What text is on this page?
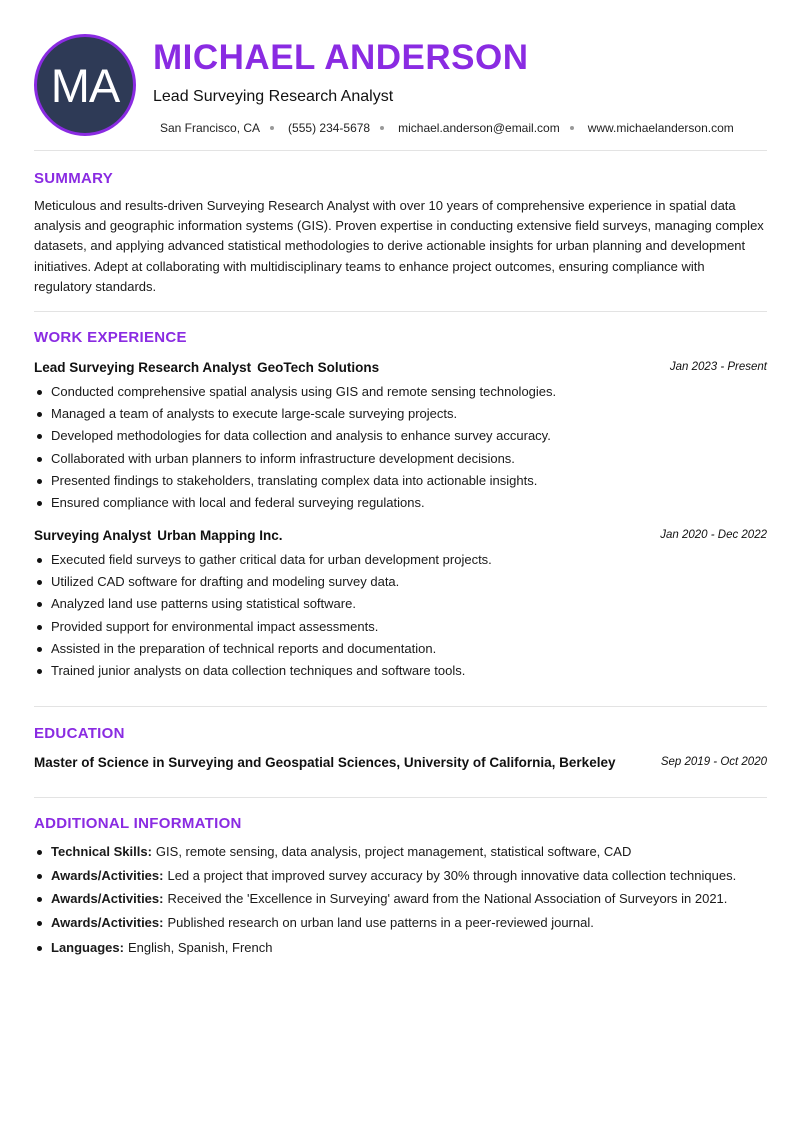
MA
MICHAEL ANDERSON
Lead Surveying Research Analyst
San Francisco, CA (555) 234-5678 michael.anderson@email.com www.michaelanderson.com
SUMMARY

Meticulous and results-driven Surveying Research Analyst with over 10 years of comprehensive experience in spatial data analysis and geographic information systems (GIS). Proven expertise in conducting extensive field surveys, managing complex datasets, and applying advanced statistical methodologies to derive actionable insights for urban planning and development initiatives. Adept at collaborating with multidisciplinary teams to enhance project outcomes, ensuring compliance with regulatory standards.

WORK EXPERIENCE
Lead Surveying Research Analyst GeoTech Solutions	Jan 2023 - Present
Conducted comprehensive spatial analysis using GIS and remote sensing technologies.
Managed a team of analysts to execute large-scale surveying projects.
Developed methodologies for data collection and analysis to enhance survey accuracy.
Collaborated with urban planners to inform infrastructure development decisions.
Presented findings to stakeholders, translating complex data into actionable insights.
Ensured compliance with local and federal surveying regulations.
Surveying Analyst Urban Mapping Inc.	Jan 2020 - Dec 2022
Executed field surveys to gather critical data for urban development projects.
Utilized CAD software for drafting and modeling survey data.
Analyzed land use patterns using statistical software.
Provided support for environmental impact assessments.
Assisted in the preparation of technical reports and documentation.
Trained junior analysts on data collection techniques and software tools.
EDUCATION
Master of Science in Surveying and Geospatial Sciences, University of California, Berkeley	Sep 2019 - Oct 2020
ADDITIONAL INFORMATION
Technical Skills: GIS, remote sensing, data analysis, project management, statistical software, CAD
Awards/Activities: Led a project that improved survey accuracy by 30% through innovative data collection techniques.
Awards/Activities: Received the 'Excellence in Surveying' award from the National Association of Surveyors in 2021.
Awards/Activities: Published research on urban land use patterns in a peer-reviewed journal.
Languages: English, Spanish, French
